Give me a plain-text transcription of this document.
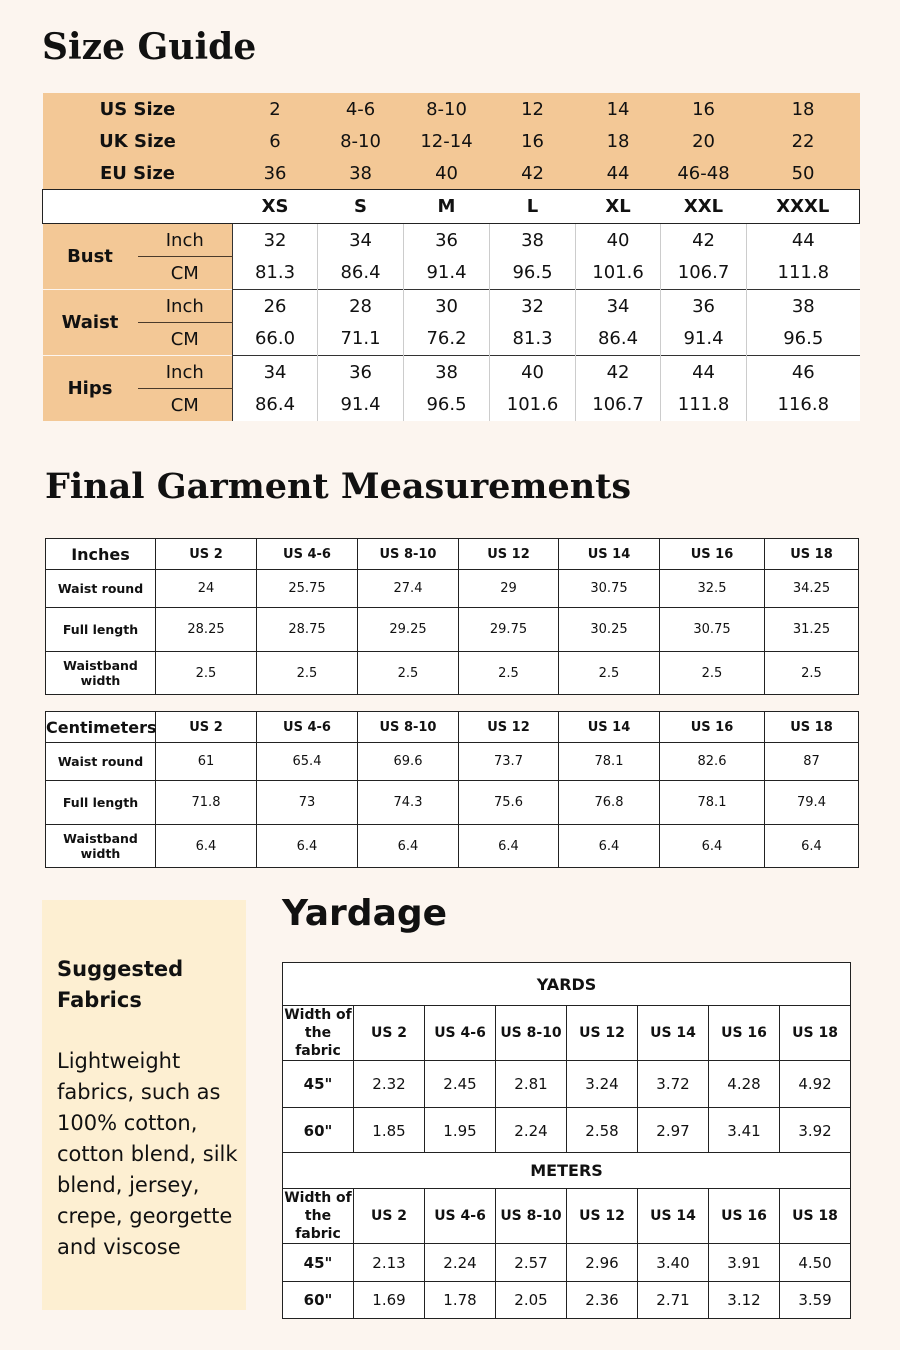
Size Guide
US Size		2	4-6	8-10	12	14	16	18
UK Size		6	8-10	12-14	16	18	20	22
EU Size		36	38	40	42	44	46-48	50
		XS	S	M	L	XL	XXL	XXXL
Bust	Inch	32	34	36	38	40	42	44
	CM	81.3	86.4	91.4	96.5	101.6	106.7	111.8
Waist	Inch	26	28	30	32	34	36	38
	CM	66.0	71.1	76.2	81.3	86.4	91.4	96.5
Hips	Inch	34	36	38	40	42	44	46
	CM	86.4	91.4	96.5	101.6	106.7	111.8	116.8
Final Garment Measurements
Inches	US 2	US 4-6	US 8-10	US 12	US 14	US 16	US 18
Waist round	24	25.75	27.4	29	30.75	32.5	34.25
Full length	28.25	28.75	29.25	29.75	30.25	30.75	31.25
Waistband width	2.5	2.5	2.5	2.5	2.5	2.5	2.5
Centimeters	US 2	US 4-6	US 8-10	US 12	US 14	US 16	US 18
Waist round	61	65.4	69.6	73.7	78.1	82.6	87
Full length	71.8	73	74.3	75.6	76.8	78.1	79.4
Waistband width	6.4	6.4	6.4	6.4	6.4	6.4	6.4
Suggested Fabrics
Lightweight fabrics, such as 100% cotton, cotton blend, silk blend, jersey, crepe, georgette and viscose
Yardage
YARDS							
Width of the fabric	US 2	US 4-6	US 8-10	US 12	US 14	US 16	US 18
45"	2.32	2.45	2.81	3.24	3.72	4.28	4.92
60"	1.85	1.95	2.24	2.58	2.97	3.41	3.92
METERS							
Width of the fabric	US 2	US 4-6	US 8-10	US 12	US 14	US 16	US 18
45"	2.13	2.24	2.57	2.96	3.40	3.91	4.50
60"	1.69	1.78	2.05	2.36	2.71	3.12	3.59
